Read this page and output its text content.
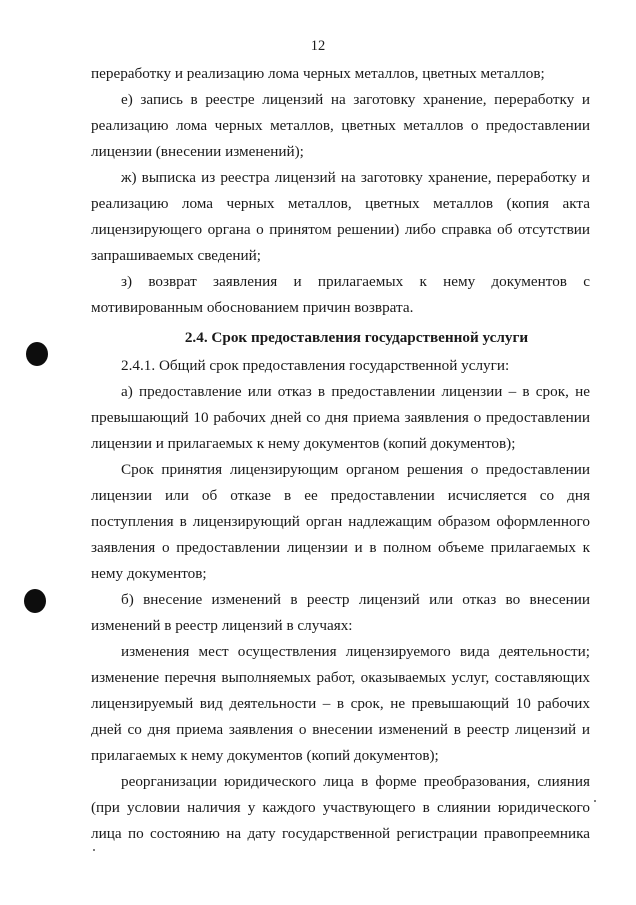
12

переработку и реализацию лома черных металлов, цветных металлов;

е) запись в реестре лицензий на заготовку хранение, переработку и реализацию лома черных металлов, цветных металлов о предоставлении лицензии (внесении изменений);

ж) выписка из реестра лицензий на заготовку хранение, переработку и реализацию лома черных металлов, цветных металлов (копия акта лицензирующего органа о принятом решении) либо справка об отсутствии запрашиваемых сведений;

з) возврат заявления и прилагаемых к нему документов с мотивированным обоснованием причин возврата.

2.4. Срок предоставления государственной услуги

2.4.1. Общий срок предоставления государственной услуги:

а) предоставление или отказ в предоставлении лицензии – в срок, не превышающий 10 рабочих дней со дня приема заявления о предоставлении лицензии и прилагаемых к нему документов (копий документов);

Срок принятия лицензирующим органом решения о предоставлении лицензии или об отказе в ее предоставлении исчисляется со дня поступления в лицензирующий орган надлежащим образом оформленного заявления о предоставлении лицензии и в полном объеме прилагаемых к нему документов;

б) внесение изменений в реестр лицензий или отказ во внесении изменений в реестр лицензий в случаях:

изменения мест осуществления лицензируемого вида деятельности; изменение перечня выполняемых работ, оказываемых услуг, составляющих лицензируемый вид деятельности – в срок, не превышающий 10 рабочих дней со дня приема заявления о внесении изменений в реестр лицензий и прилагаемых к нему документов (копий документов);

реорганизации юридического лица в форме преобразования, слияния (при условии наличия у каждого участвующего в слиянии юридического лица по состоянию на дату государственной регистрации правопреемника
